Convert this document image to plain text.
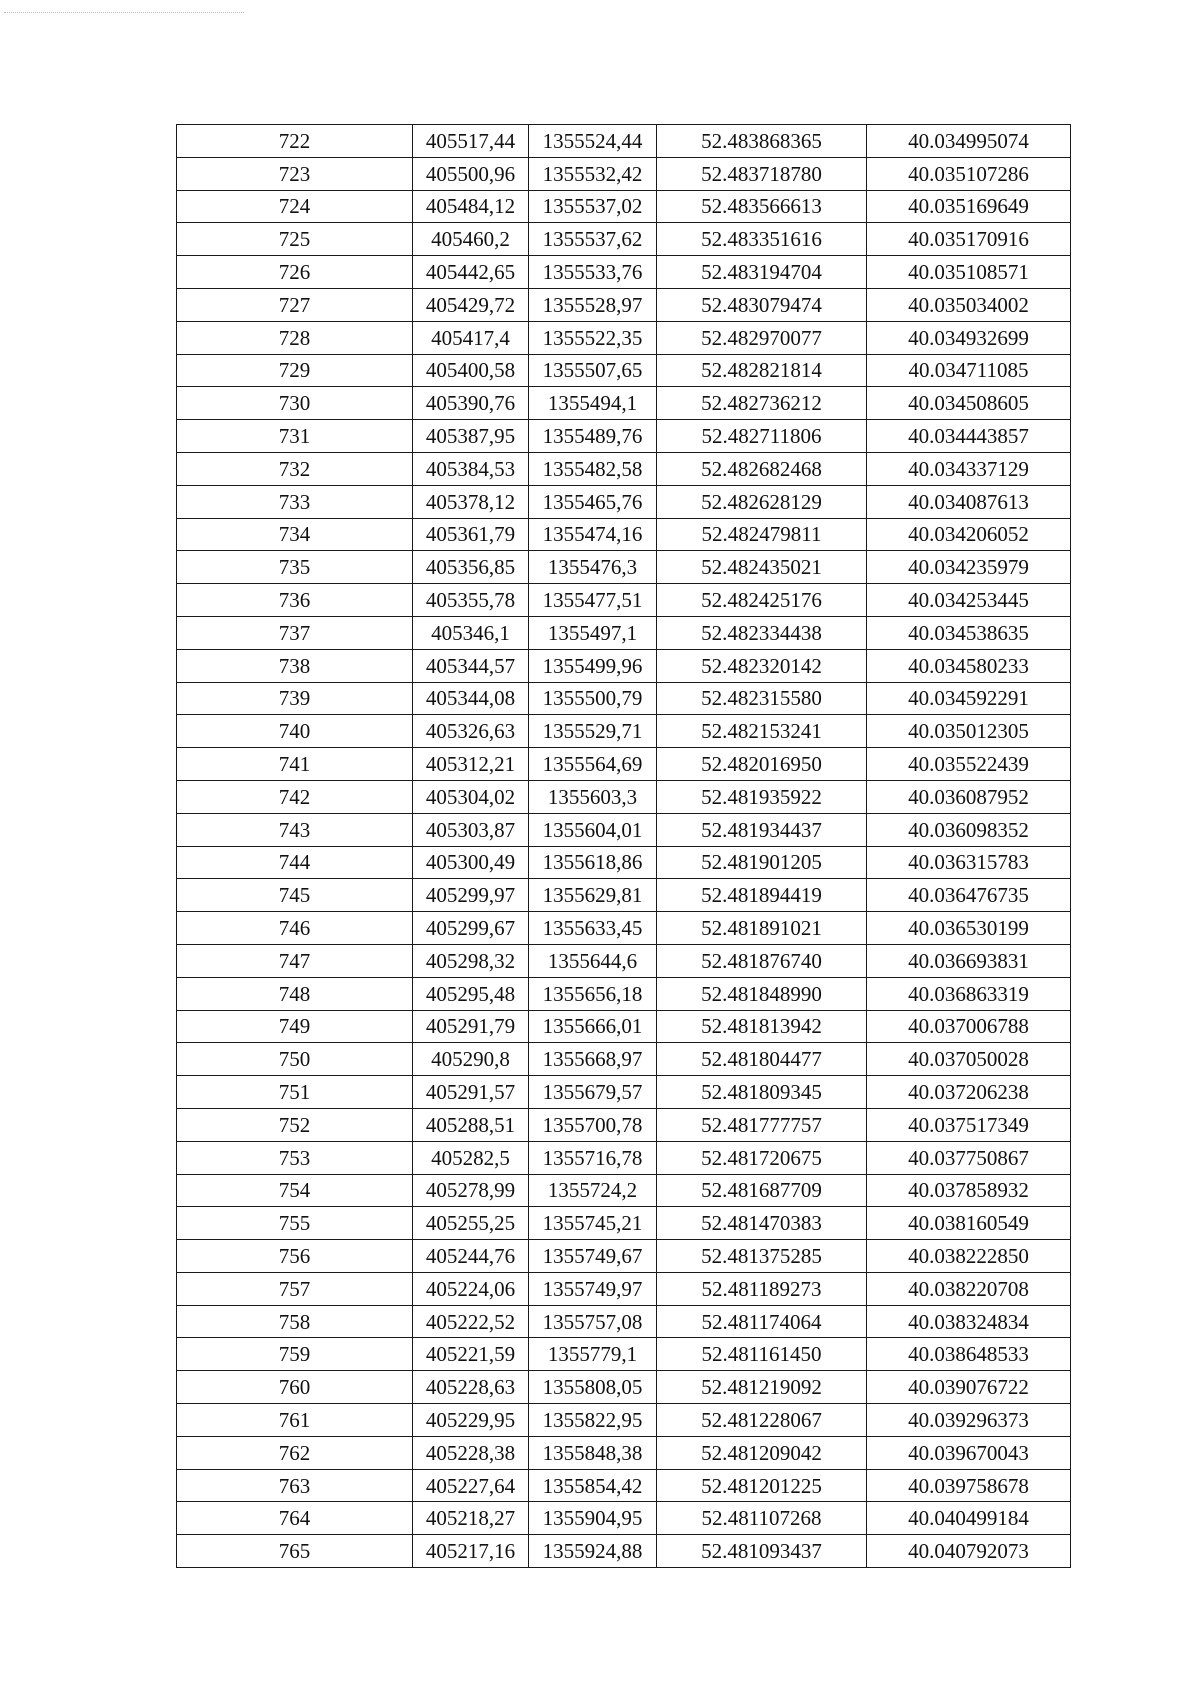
722	405517,44	1355524,44	52.483868365	40.034995074
723	405500,96	1355532,42	52.483718780	40.035107286
724	405484,12	1355537,02	52.483566613	40.035169649
725	405460,2	1355537,62	52.483351616	40.035170916
726	405442,65	1355533,76	52.483194704	40.035108571
727	405429,72	1355528,97	52.483079474	40.035034002
728	405417,4	1355522,35	52.482970077	40.034932699
729	405400,58	1355507,65	52.482821814	40.034711085
730	405390,76	1355494,1	52.482736212	40.034508605
731	405387,95	1355489,76	52.482711806	40.034443857
732	405384,53	1355482,58	52.482682468	40.034337129
733	405378,12	1355465,76	52.482628129	40.034087613
734	405361,79	1355474,16	52.482479811	40.034206052
735	405356,85	1355476,3	52.482435021	40.034235979
736	405355,78	1355477,51	52.482425176	40.034253445
737	405346,1	1355497,1	52.482334438	40.034538635
738	405344,57	1355499,96	52.482320142	40.034580233
739	405344,08	1355500,79	52.482315580	40.034592291
740	405326,63	1355529,71	52.482153241	40.035012305
741	405312,21	1355564,69	52.482016950	40.035522439
742	405304,02	1355603,3	52.481935922	40.036087952
743	405303,87	1355604,01	52.481934437	40.036098352
744	405300,49	1355618,86	52.481901205	40.036315783
745	405299,97	1355629,81	52.481894419	40.036476735
746	405299,67	1355633,45	52.481891021	40.036530199
747	405298,32	1355644,6	52.481876740	40.036693831
748	405295,48	1355656,18	52.481848990	40.036863319
749	405291,79	1355666,01	52.481813942	40.037006788
750	405290,8	1355668,97	52.481804477	40.037050028
751	405291,57	1355679,57	52.481809345	40.037206238
752	405288,51	1355700,78	52.481777757	40.037517349
753	405282,5	1355716,78	52.481720675	40.037750867
754	405278,99	1355724,2	52.481687709	40.037858932
755	405255,25	1355745,21	52.481470383	40.038160549
756	405244,76	1355749,67	52.481375285	40.038222850
757	405224,06	1355749,97	52.481189273	40.038220708
758	405222,52	1355757,08	52.481174064	40.038324834
759	405221,59	1355779,1	52.481161450	40.038648533
760	405228,63	1355808,05	52.481219092	40.039076722
761	405229,95	1355822,95	52.481228067	40.039296373
762	405228,38	1355848,38	52.481209042	40.039670043
763	405227,64	1355854,42	52.481201225	40.039758678
764	405218,27	1355904,95	52.481107268	40.040499184
765	405217,16	1355924,88	52.481093437	40.040792073
